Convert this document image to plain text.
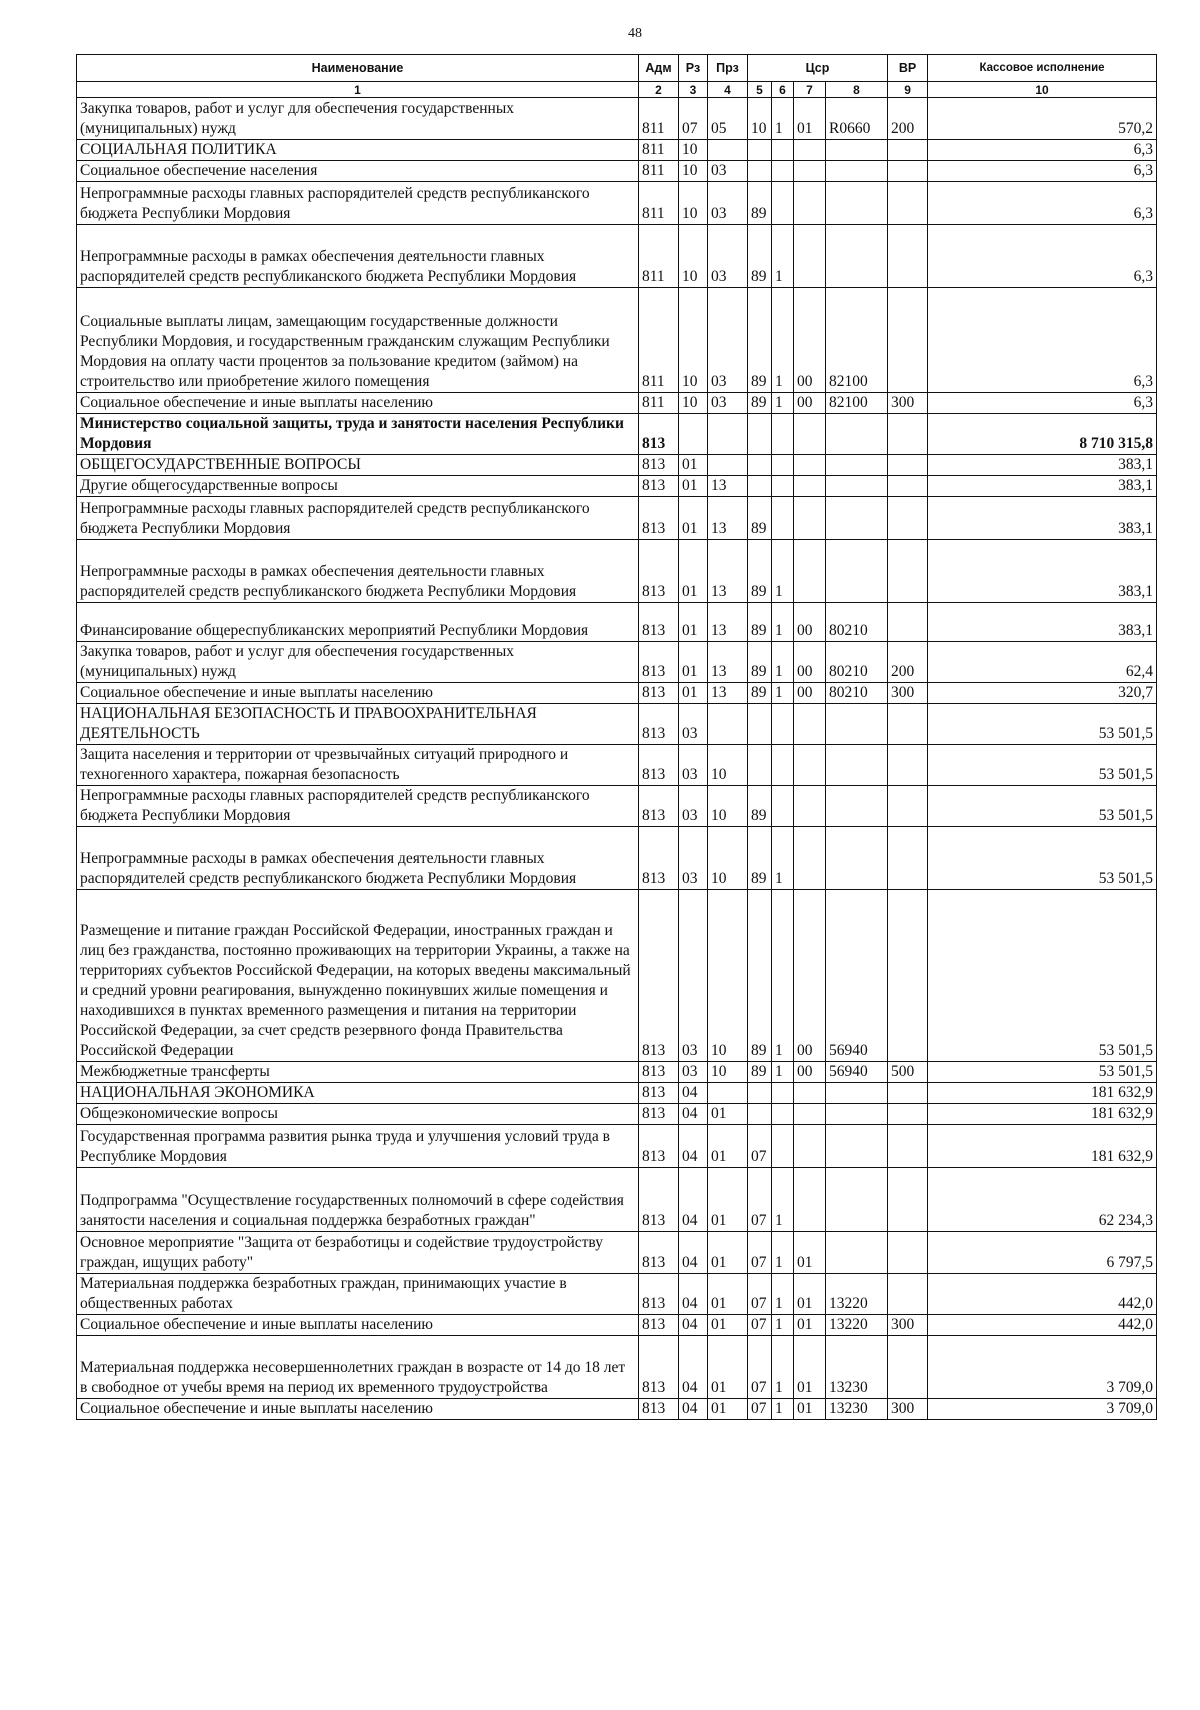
48
Наименование	Адм	Рз	Прз	Цср				ВР	Кассовое исполнение
1	2	3	4	5	6	7	8	9	10
Закупка товаров, работ и услуг для обеспечения государственных (муниципальных) нужд	811	07	05	10	1	01	R0660	200	570,2
СОЦИАЛЬНАЯ ПОЛИТИКА	811	10							6,3
Социальное обеспечение населения	811	10	03						6,3
Непрограммные расходы главных распорядителей средств республиканского бюджета Республики Мордовия	811	10	03	89					6,3
Непрограммные расходы в рамках обеспечения деятельности главных распорядителей средств республиканского бюджета Республики Мордовия	811	10	03	89	1				6,3
Социальные выплаты лицам, замещающим государственные должности Республики Мордовия, и государственным гражданским служащим Республики Мордовия на оплату части процентов за пользование кредитом (займом) на строительство или приобретение жилого помещения	811	10	03	89	1	00	82100		6,3
Социальное обеспечение и иные выплаты населению	811	10	03	89	1	00	82100	300	6,3
Министерство социальной защиты, труда и занятости населения Республики Мордовия	813								8 710 315,8
ОБЩЕГОСУДАРСТВЕННЫЕ ВОПРОСЫ	813	01							383,1
Другие общегосударственные вопросы	813	01	13						383,1
Непрограммные расходы главных распорядителей средств республиканского бюджета Республики Мордовия	813	01	13	89					383,1
Непрограммные расходы в рамках обеспечения деятельности главных распорядителей средств республиканского бюджета Республики Мордовия	813	01	13	89	1				383,1
Финансирование общереспубликанских мероприятий Республики Мордовия	813	01	13	89	1	00	80210		383,1
Закупка товаров, работ и услуг для обеспечения государственных (муниципальных) нужд	813	01	13	89	1	00	80210	200	62,4
Социальное обеспечение и иные выплаты населению	813	01	13	89	1	00	80210	300	320,7
НАЦИОНАЛЬНАЯ БЕЗОПАСНОСТЬ И ПРАВООХРАНИТЕЛЬНАЯ ДЕЯТЕЛЬНОСТЬ	813	03							53 501,5
Защита населения и территории от чрезвычайных ситуаций природного и техногенного характера, пожарная безопасность	813	03	10						53 501,5
Непрограммные расходы главных распорядителей средств республиканского бюджета Республики Мордовия	813	03	10	89					53 501,5
Непрограммные расходы в рамках обеспечения деятельности главных распорядителей средств республиканского бюджета Республики Мордовия	813	03	10	89	1				53 501,5
Размещение и питание граждан Российской Федерации, иностранных граждан и лиц без гражданства, постоянно проживающих на территории Украины, а также на территориях субъектов Российской Федерации, на которых введены максимальный и средний уровни реагирования, вынужденно покинувших жилые помещения и находившихся в пунктах временного размещения и питания на территории Российской Федерации, за счет средств резервного фонда Правительства Российской Федерации	813	03	10	89	1	00	56940		53 501,5
Межбюджетные трансферты	813	03	10	89	1	00	56940	500	53 501,5
НАЦИОНАЛЬНАЯ ЭКОНОМИКА	813	04							181 632,9
Общеэкономические вопросы	813	04	01						181 632,9
Государственная программа развития рынка труда и улучшения условий труда в Республике Мордовия	813	04	01	07					181 632,9
Подпрограмма "Осуществление государственных полномочий в сфере содействия занятости населения и социальная поддержка безработных граждан"	813	04	01	07	1				62 234,3
Основное мероприятие "Защита от безработицы и содействие трудоустройству граждан, ищущих работу"	813	04	01	07	1	01			6 797,5
Материальная поддержка безработных граждан, принимающих участие в общественных работах	813	04	01	07	1	01	13220		442,0
Социальное обеспечение и иные выплаты населению	813	04	01	07	1	01	13220	300	442,0
Материальная поддержка несовершеннолетних граждан в возрасте от 14 до 18 лет в свободное от учебы время на период их временного трудоустройства	813	04	01	07	1	01	13230		3 709,0
Социальное обеспечение и иные выплаты населению	813	04	01	07	1	01	13230	300	3 709,0
